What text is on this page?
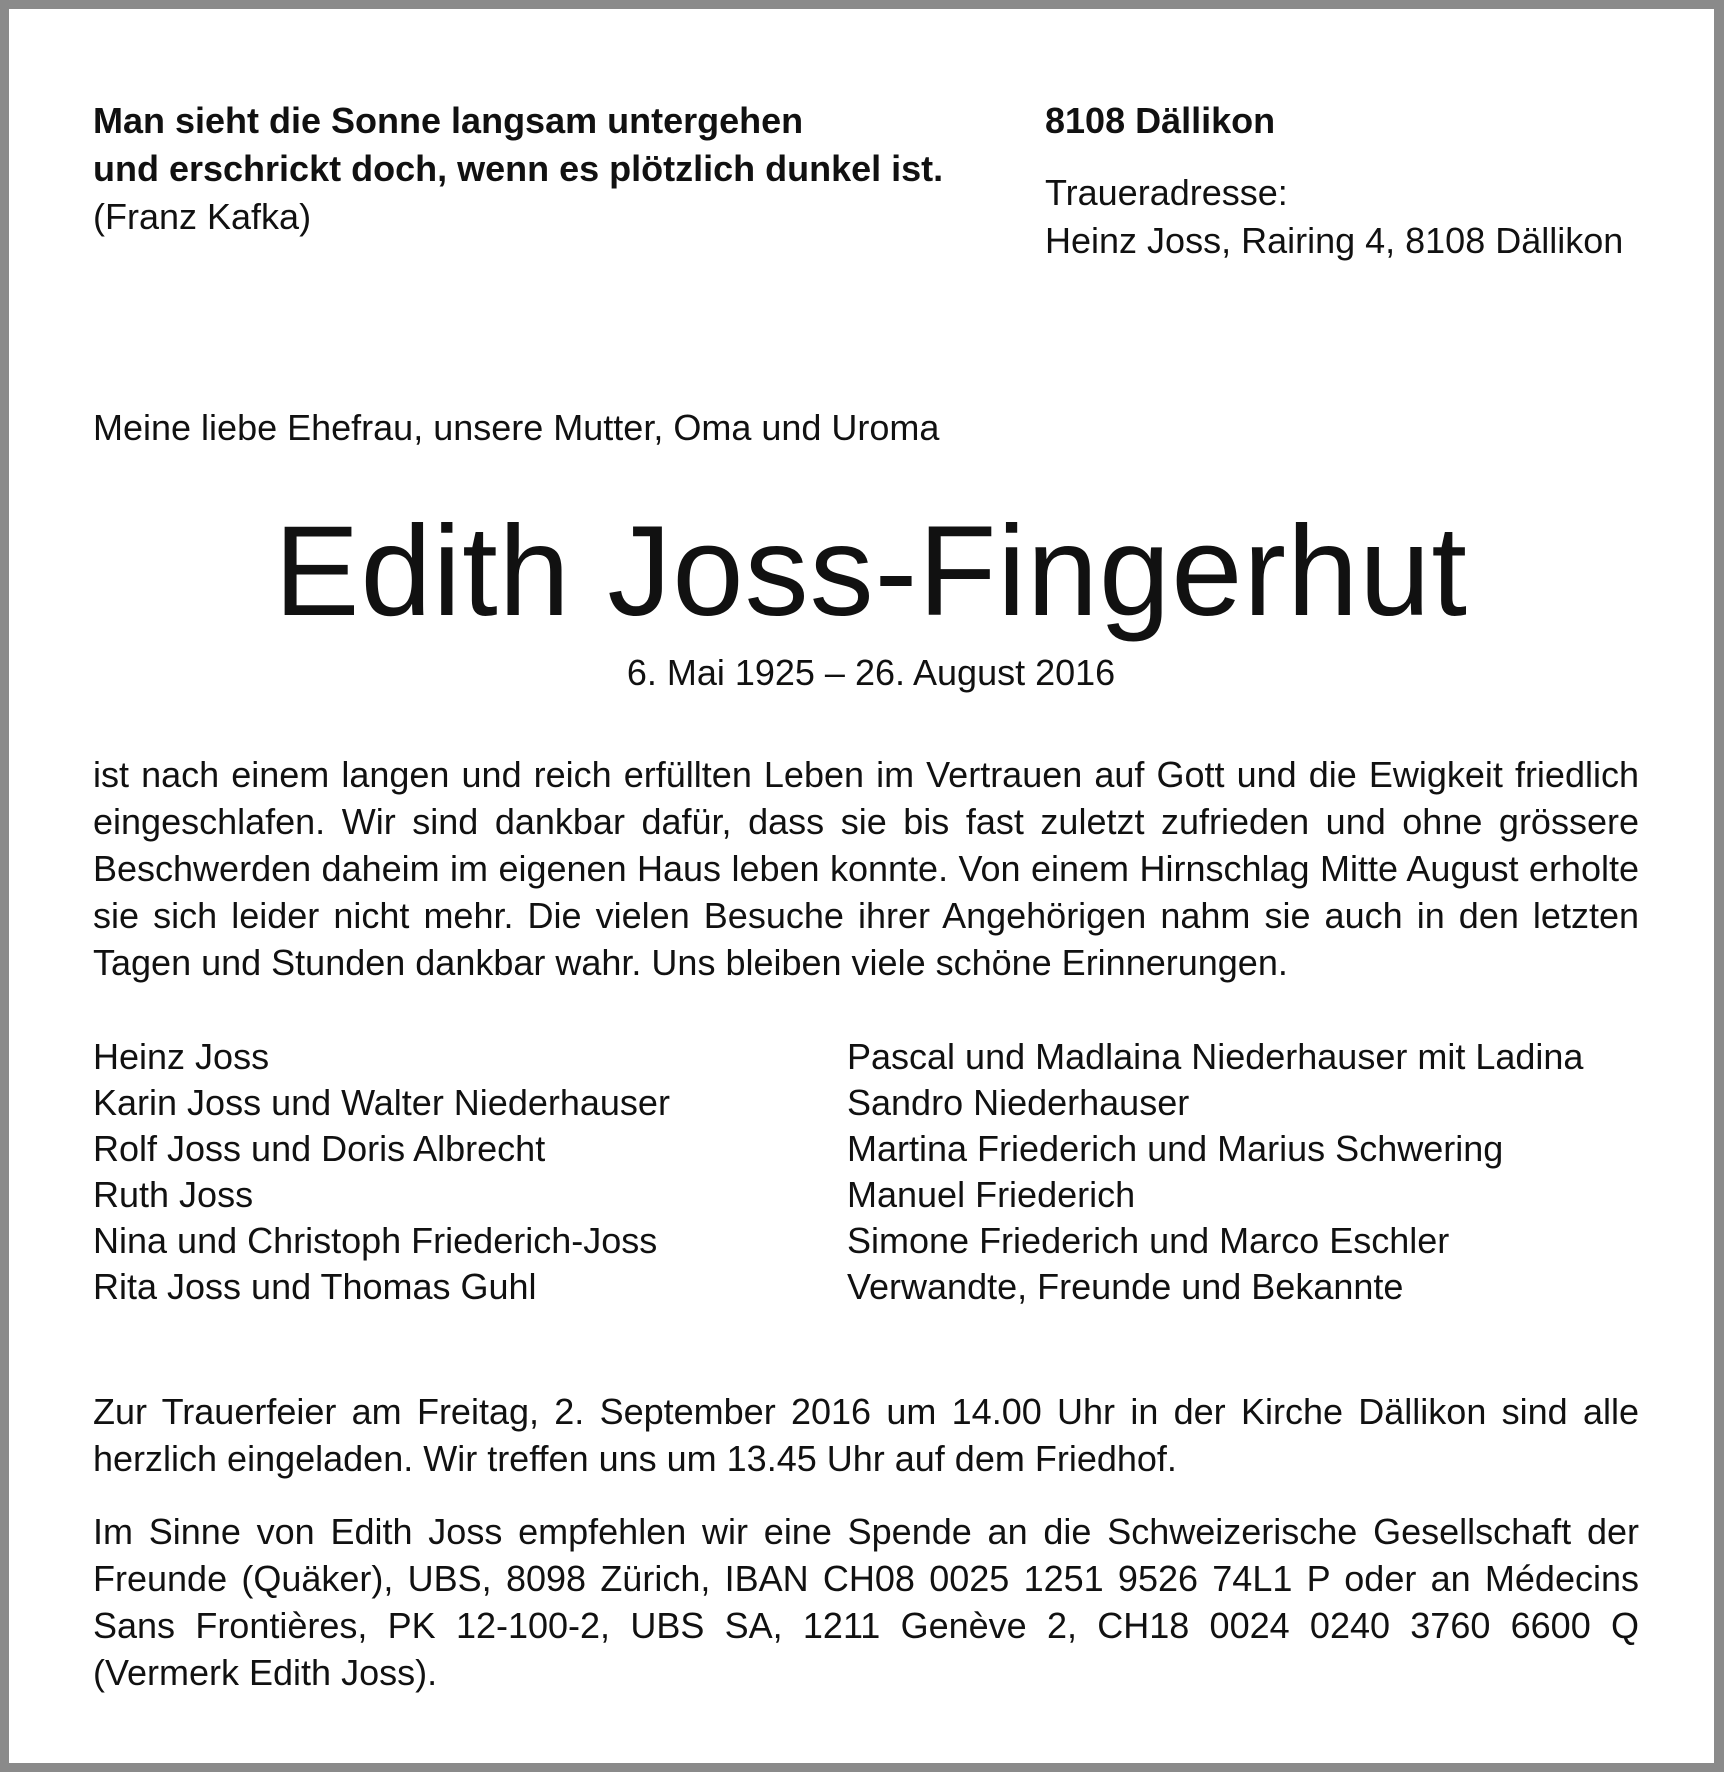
Man sieht die Sonne langsam untergehen
und erschrickt doch, wenn es plötzlich dunkel ist.
(Franz Kafka)

8108 Dällikon

Traueradresse:
Heinz Joss, Rairing 4, 8108 Dällikon

Meine liebe Ehefrau, unsere Mutter, Oma und Uroma

Edith Joss-Fingerhut

6. Mai 1925 – 26. August 2016

ist nach einem langen und reich erfüllten Leben im Vertrauen auf Gott und die Ewigkeit friedlich eingeschlafen. Wir sind dankbar dafür, dass sie bis fast zuletzt zufrieden und ohne grössere Beschwerden daheim im eigenen Haus leben konnte. Von einem Hirnschlag Mitte August erholte sie sich leider nicht mehr. Die vielen Besuche ihrer Angehörigen nahm sie auch in den letzten Tagen und Stunden dankbar wahr. Uns bleiben viele schöne Erinnerungen.

Heinz Joss
Karin Joss und Walter Niederhauser
Rolf Joss und Doris Albrecht
Ruth Joss
Nina und Christoph Friederich-Joss
Rita Joss und Thomas Guhl
Pascal und Madlaina Niederhauser mit Ladina
Sandro Niederhauser
Martina Friederich und Marius Schwering
Manuel Friederich
Simone Friederich und Marco Eschler
Verwandte, Freunde und Bekannte

Zur Trauerfeier am Freitag, 2. September 2016 um 14.00 Uhr in der Kirche Dällikon sind alle herzlich eingeladen. Wir treffen uns um 13.45 Uhr auf dem Friedhof.

Im Sinne von Edith Joss empfehlen wir eine Spende an die Schweizerische Gesellschaft der Freunde (Quäker), UBS, 8098 Zürich, IBAN CH08 0025 1251 9526 74L1 P oder an Médecins Sans Frontières, PK 12-100-2, UBS SA, 1211 Genève 2, CH18 0024 0240 3760 6600 Q (Vermerk Edith Joss).
